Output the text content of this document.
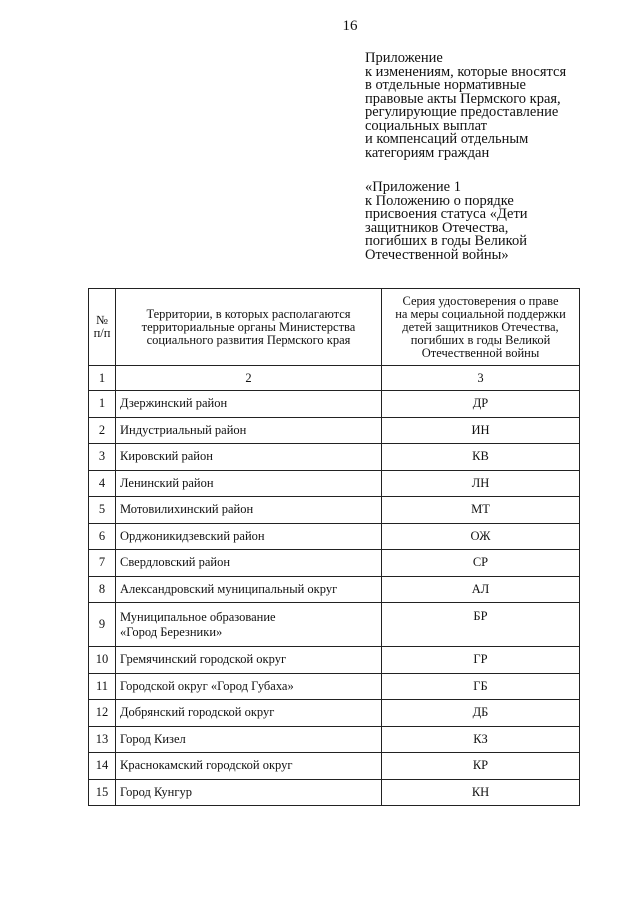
16
Приложение
к изменениям, которые вносятся
в отдельные нормативные
правовые акты Пермского края,
регулирующие предоставление
социальных выплат
и компенсаций отдельным
категориям граждан
«Приложение 1
к Положению о порядке
присвоения статуса «Дети
защитников Отечества,
погибших в годы Великой
Отечественной войны»
№
п/п	Территории, в которых располагаются
территориальные органы Министерства
социального развития Пермского края	Серия удостоверения о праве
на меры социальной поддержки
детей защитников Отечества,
погибших в годы Великой
Отечественной войны

1	2	3
1	Дзержинский район	ДР
2	Индустриальный район	ИН
3	Кировский район	КВ
4	Ленинский район	ЛН
5	Мотовилихинский район	МТ
6	Орджоникидзевский район	ОЖ
7	Свердловский район	СР
8	Александровский муниципальный округ	АЛ
9	Муниципальное образование
«Город Березники»	БР
10	Гремячинский городской округ	ГР
11	Городской округ «Город Губаха»	ГБ
12	Добрянский городской округ	ДБ
13	Город Кизел	КЗ
14	Краснокамский городской округ	КР
15	Город Кунгур	КН
